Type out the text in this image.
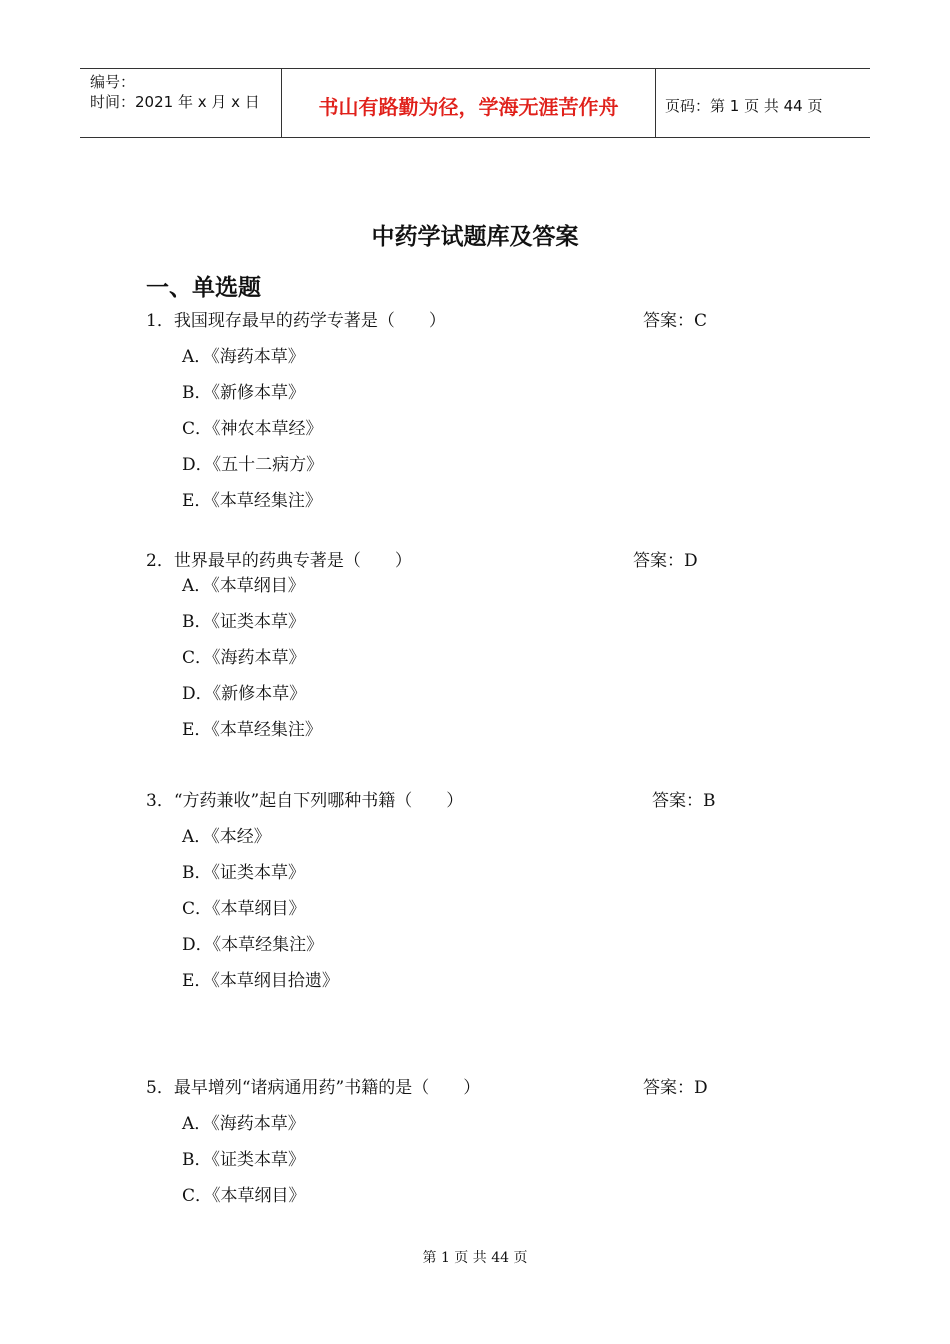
编号：
时间：2021 年 x 月 x 日	书山有路勤为径，学海无涯苦作舟	页码：第 1 页 共 44 页
中药学试题库及答案
一、单选题
1．我国现存最早的药学专著是（　　）	答案：C
A．《海药本草》
B．《新修本草》
C．《神农本草经》
D．《五十二病方》
E．《本草经集注》
2．世界最早的药典专著是（　　）	答案：D
A．《本草纲目》
B．《证类本草》
C．《海药本草》
D．《新修本草》
E．《本草经集注》
3．“方药兼收”起自下列哪种书籍（　　）	答案：B
A．《本经》
B．《证类本草》
C．《本草纲目》
D．《本草经集注》
E．《本草纲目拾遗》
5．最早增列“诸病通用药”书籍的是（　　）	答案：D
A．《海药本草》
B．《证类本草》
C．《本草纲目》
第 1 页 共 44 页
